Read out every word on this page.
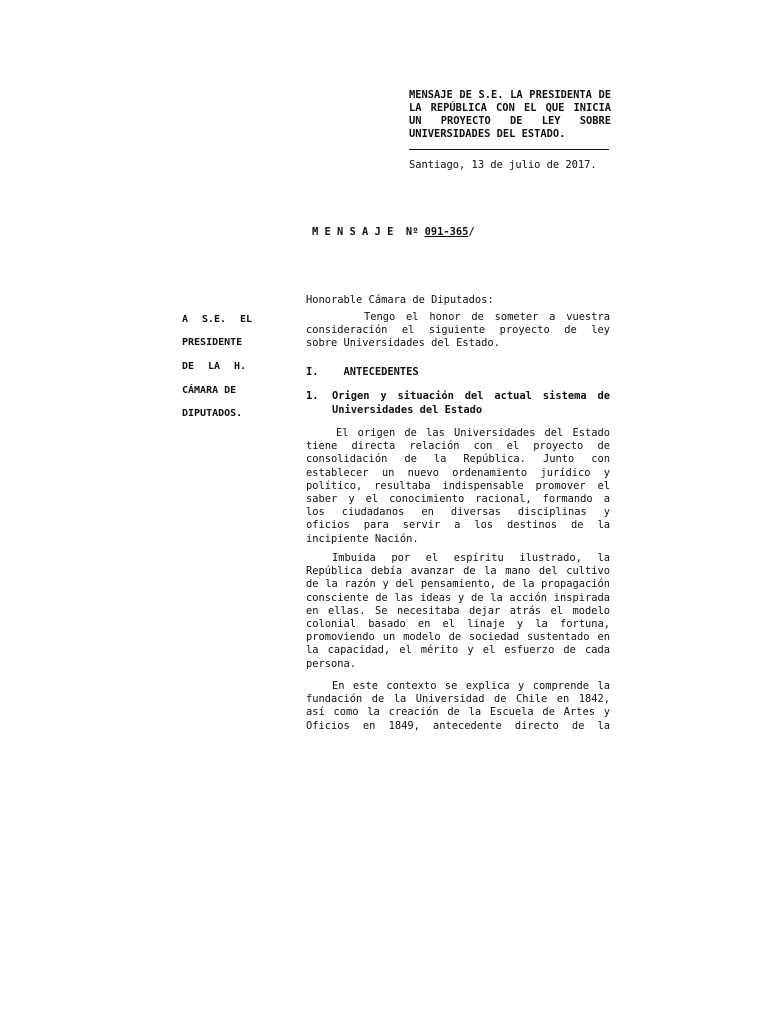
MENSAJE DE S.E. LA PRESIDENTA DE
LA REPÚBLICA CON EL QUE INICIA
UN PROYECTO DE LEY SOBRE
UNIVERSIDADES DEL ESTADO.
Santiago, 13 de julio de 2017.
M E N S A J E  Nº 091-365/
A S.E. EL
PRESIDENTE
DE LA H.
CÁMARA DE
DIPUTADOS.
Honorable Cámara de Diputados:
Tengo el honor de someter a vuestra
consideración el siguiente proyecto de ley
sobre Universidades del Estado.
I. ANTECEDENTES
1. Origen y situación del actual sistema de
Universidades del Estado
El origen de las Universidades del Estado
tiene directa relación con el proyecto de
consolidación de la República. Junto con
establecer un nuevo ordenamiento jurídico y
político, resultaba indispensable promover el
saber y el conocimiento racional, formando a
los ciudadanos en diversas disciplinas y
oficios para servir a los destinos de la
incipiente Nación.
Imbuida por el espíritu ilustrado, la
República debía avanzar de la mano del cultivo
de la razón y del pensamiento, de la propagación
consciente de las ideas y de la acción inspirada
en ellas. Se necesitaba dejar atrás el modelo
colonial basado en el linaje y la fortuna,
promoviendo un modelo de sociedad sustentado en
la capacidad, el mérito y el esfuerzo de cada
persona.
En este contexto se explica y comprende la
fundación de la Universidad de Chile en 1842,
así como la creación de la Escuela de Artes y
Oficios en 1849, antecedente directo de la
